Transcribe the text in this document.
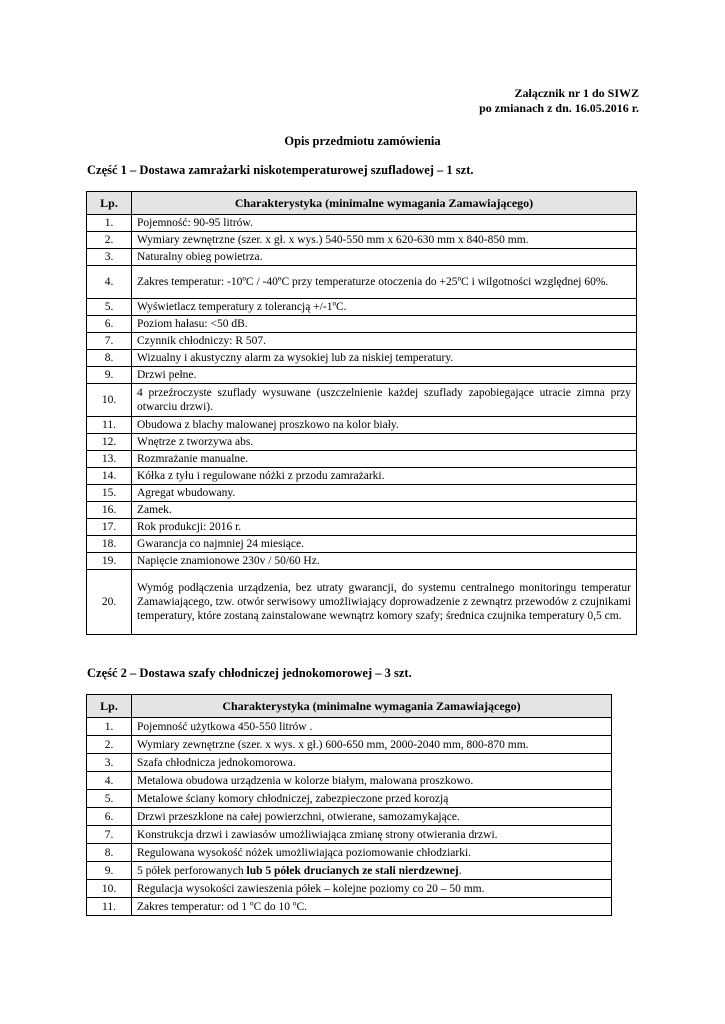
Załącznik nr 1 do SIWZ
po zmianach z dn. 16.05.2016 r.
Opis przedmiotu zamówienia
Część 1 – Dostawa zamrażarki niskotemperaturowej szufladowej – 1 szt.
Lp.	Charakterystyka (minimalne wymagania Zamawiającego)
1.	Pojemność: 90-95 litrów.
2.	Wymiary zewnętrzne (szer. x gł. x wys.) 540-550 mm x 620-630 mm x 840-850 mm.
3.	Naturalny obieg powietrza.
4.	Zakres temperatur: -10ºC / -40ºC przy temperaturze otoczenia do +25ºC i wilgotności względnej 60%.
5.	Wyświetlacz temperatury z tolerancją +/-1ºC.
6.	Poziom hałasu: <50 dB.
7.	Czynnik chłodniczy: R 507.
8.	Wizualny i akustyczny alarm za wysokiej lub za niskiej temperatury.
9.	Drzwi pełne.
10.	4 przeźroczyste szuflady wysuwane (uszczelnienie każdej szuflady zapobiegające utracie zimna przy otwarciu drzwi).
11.	Obudowa z blachy malowanej proszkowo na kolor biały.
12.	Wnętrze z tworzywa abs.
13.	Rozmrażanie manualne.
14.	Kółka z tyłu i regulowane nóżki z przodu zamrażarki.
15.	Agregat wbudowany.
16.	Zamek.
17.	Rok produkcji: 2016 r.
18.	Gwarancja co najmniej 24 miesiące.
19.	Napięcie znamionowe 230v / 50/60 Hz.
20.	Wymóg podłączenia urządzenia, bez utraty gwarancji, do systemu centralnego monitoringu temperatur Zamawiającego, tzw. otwór serwisowy umożliwiający doprowadzenie z zewnątrz przewodów z czujnikami temperatury, które zostaną zainstalowane wewnątrz komory szafy; średnica czujnika temperatury 0,5 cm.
Część 2 – Dostawa szafy chłodniczej jednokomorowej – 3 szt.
Lp.	Charakterystyka (minimalne wymagania Zamawiającego)
1.	Pojemność użytkowa 450-550 litrów .
2.	Wymiary zewnętrzne (szer. x wys. x gł.) 600-650 mm, 2000-2040 mm, 800-870 mm.
3.	Szafa chłodnicza jednokomorowa.
4.	Metalowa obudowa urządzenia w kolorze białym, malowana proszkowo.
5.	Metalowe ściany komory chłodniczej, zabezpieczone przed korozją
6.	Drzwi przeszklone na całej powierzchni, otwierane, samozamykające.
7.	Konstrukcja drzwi i zawiasów umożliwiająca zmianę strony otwierania drzwi.
8.	Regulowana wysokość nóżek umożliwiająca poziomowanie chłodziarki.
9.	5 półek perforowanych lub 5 półek drucianych ze stali nierdzewnej.
10.	Regulacja wysokości zawieszenia półek – kolejne poziomy co 20 – 50 mm.
11.	Zakres temperatur: od 1 ºC do 10 ºC.
